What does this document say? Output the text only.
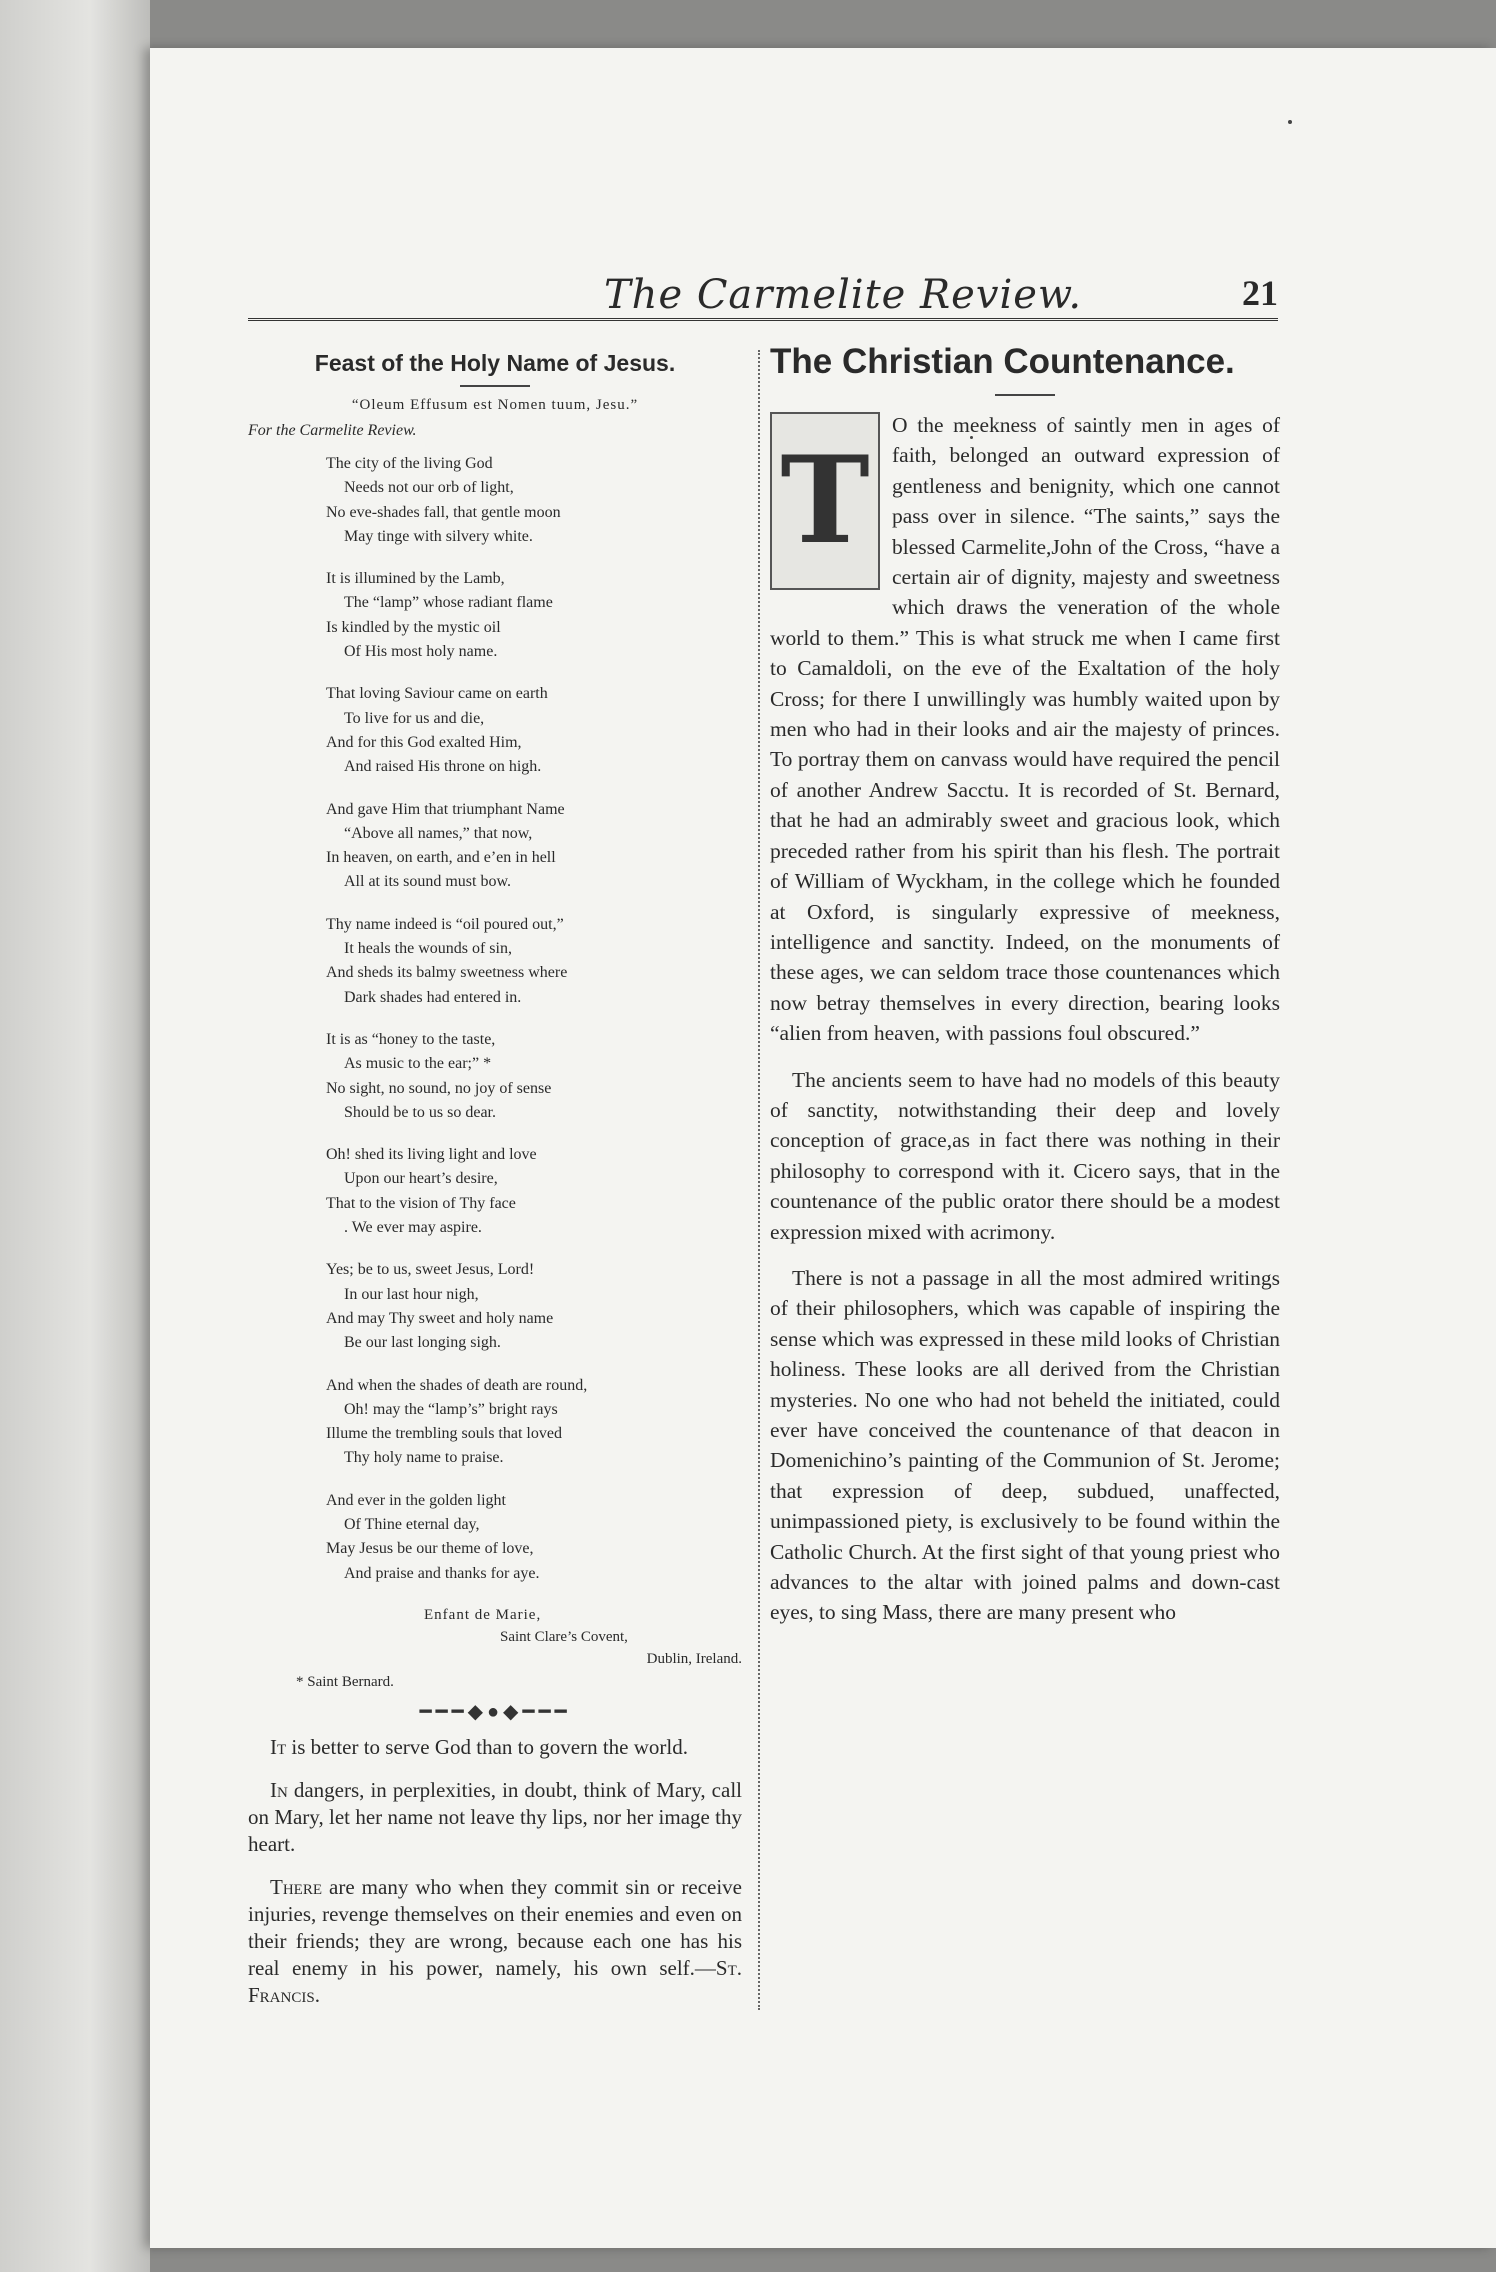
The Carmelite Review.	21
Feast of the Holy Name of Jesus.
“Oleum Effusum est Nomen tuum, Jesu.”
For the Carmelite Review.
The city of the living God
Needs not our orb of light,
No eve-shades fall, that gentle moon
May tinge with silvery white.
It is illumined by the Lamb,
The “lamp” whose radiant flame
Is kindled by the mystic oil
Of His most holy name.
That loving Saviour came on earth
To live for us and die,
And for this God exalted Him,
And raised His throne on high.
And gave Him that triumphant Name
“Above all names,” that now,
In heaven, on earth, and e’en in hell
All at its sound must bow.
Thy name indeed is “oil poured out,”
It heals the wounds of sin,
And sheds its balmy sweetness where
Dark shades had entered in.
It is as “honey to the taste,
As music to the ear;” *
No sight, no sound, no joy of sense
Should be to us so dear.
Oh! shed its living light and love
Upon our heart’s desire,
That to the vision of Thy face
. We ever may aspire.
Yes; be to us, sweet Jesus, Lord!
In our last hour nigh,
And may Thy sweet and holy name
Be our last longing sigh.
And when the shades of death are round,
Oh! may the “lamp’s” bright rays
Illume the trembling souls that loved
Thy holy name to praise.
And ever in the golden light
Of Thine eternal day,
May Jesus be our theme of love,
And praise and thanks for aye.
Enfant de Marie,
Saint Clare’s Covent,
Dublin, Ireland.
* Saint Bernard.
━━━◆●◆━━━

It is better to serve God than to govern the world.

In dangers, in perplexities, in doubt, think of Mary, call on Mary, let her name not leave thy lips, nor her image thy heart.

There are many who when they commit sin or receive injuries, revenge themselves on their enemies and even on their friends; they are wrong, because each one has his real enemy in his power, namely, his own self.—St. Francis.

The Christian Countenance.

T
O the meekness of saintly men in ages of faith, belonged an outward expression of gentleness and benignity, which one cannot pass over in silence. “The saints,” says the blessed Carmelite,John of the Cross, “have a certain air of dignity, majesty and sweetness which draws the veneration of the whole world to them.” This is what struck me when I came first to Camaldoli, on the eve of the Exaltation of the holy Cross; for there I unwillingly was humbly waited upon by men who had in their looks and air the majesty of princes. To portray them on canvass would have required the pencil of another Andrew Sacctu. It is recorded of St. Bernard, that he had an admirably sweet and gracious look, which preceded rather from his spirit than his flesh. The portrait of William of Wyckham, in the college which he founded at Oxford, is singularly expressive of meekness, intelligence and sanctity. Indeed, on the monuments of these ages, we can seldom trace those countenances which now betray themselves in every direction, bearing looks “alien from heaven, with passions foul obscured.”

The ancients seem to have had no models of this beauty of sanctity, notwithstanding their deep and lovely conception of grace,as in fact there was nothing in their philosophy to correspond with it. Cicero says, that in the countenance of the public orator there should be a modest expression mixed with acrimony.

There is not a passage in all the most admired writings of their philosophers, which was capable of inspiring the sense which was expressed in these mild looks of Christian holiness. These looks are all derived from the Christian mysteries. No one who had not beheld the initiated, could ever have conceived the countenance of that deacon in Domenichino’s painting of the Communion of St. Jerome; that expression of deep, subdued, unaffected, unimpassioned piety, is exclusively to be found within the Catholic Church. At the first sight of that young priest who advances to the altar with joined palms and down-cast eyes, to sing Mass, there are many present who
